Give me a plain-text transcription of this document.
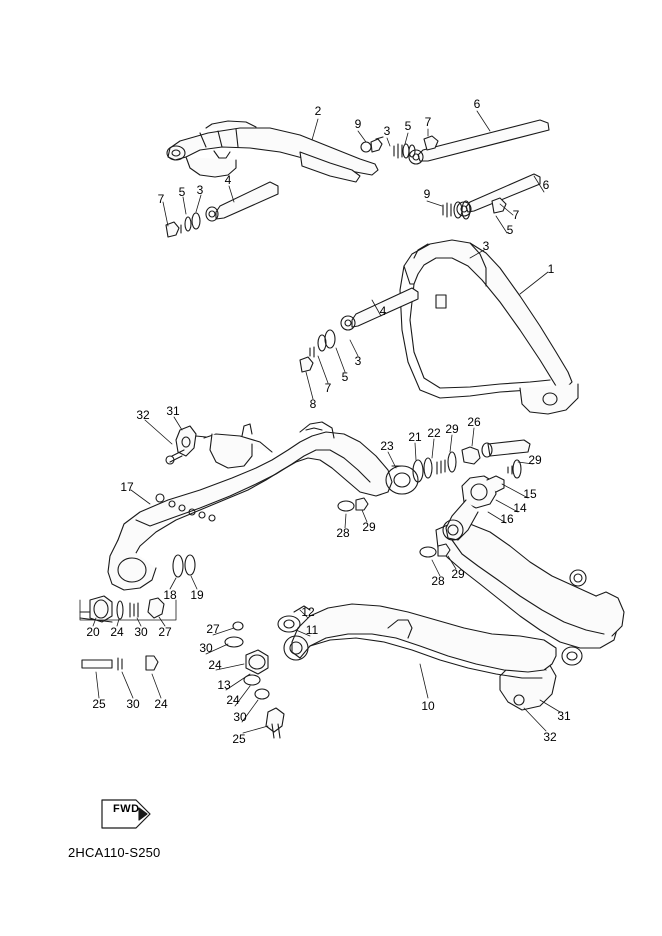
2
9 3 5 7
6
6
9
7
5
3
1
7 5 3
4
4
3
5
7
8
32 31
23
21 22 29 26
29
15
14
16
17
28 29
28 29
18 19
20 24 30 27
12
11
27
30
24
13
24
30
25
25 30 24	10
31
32
FWD
2HCA110-S250
